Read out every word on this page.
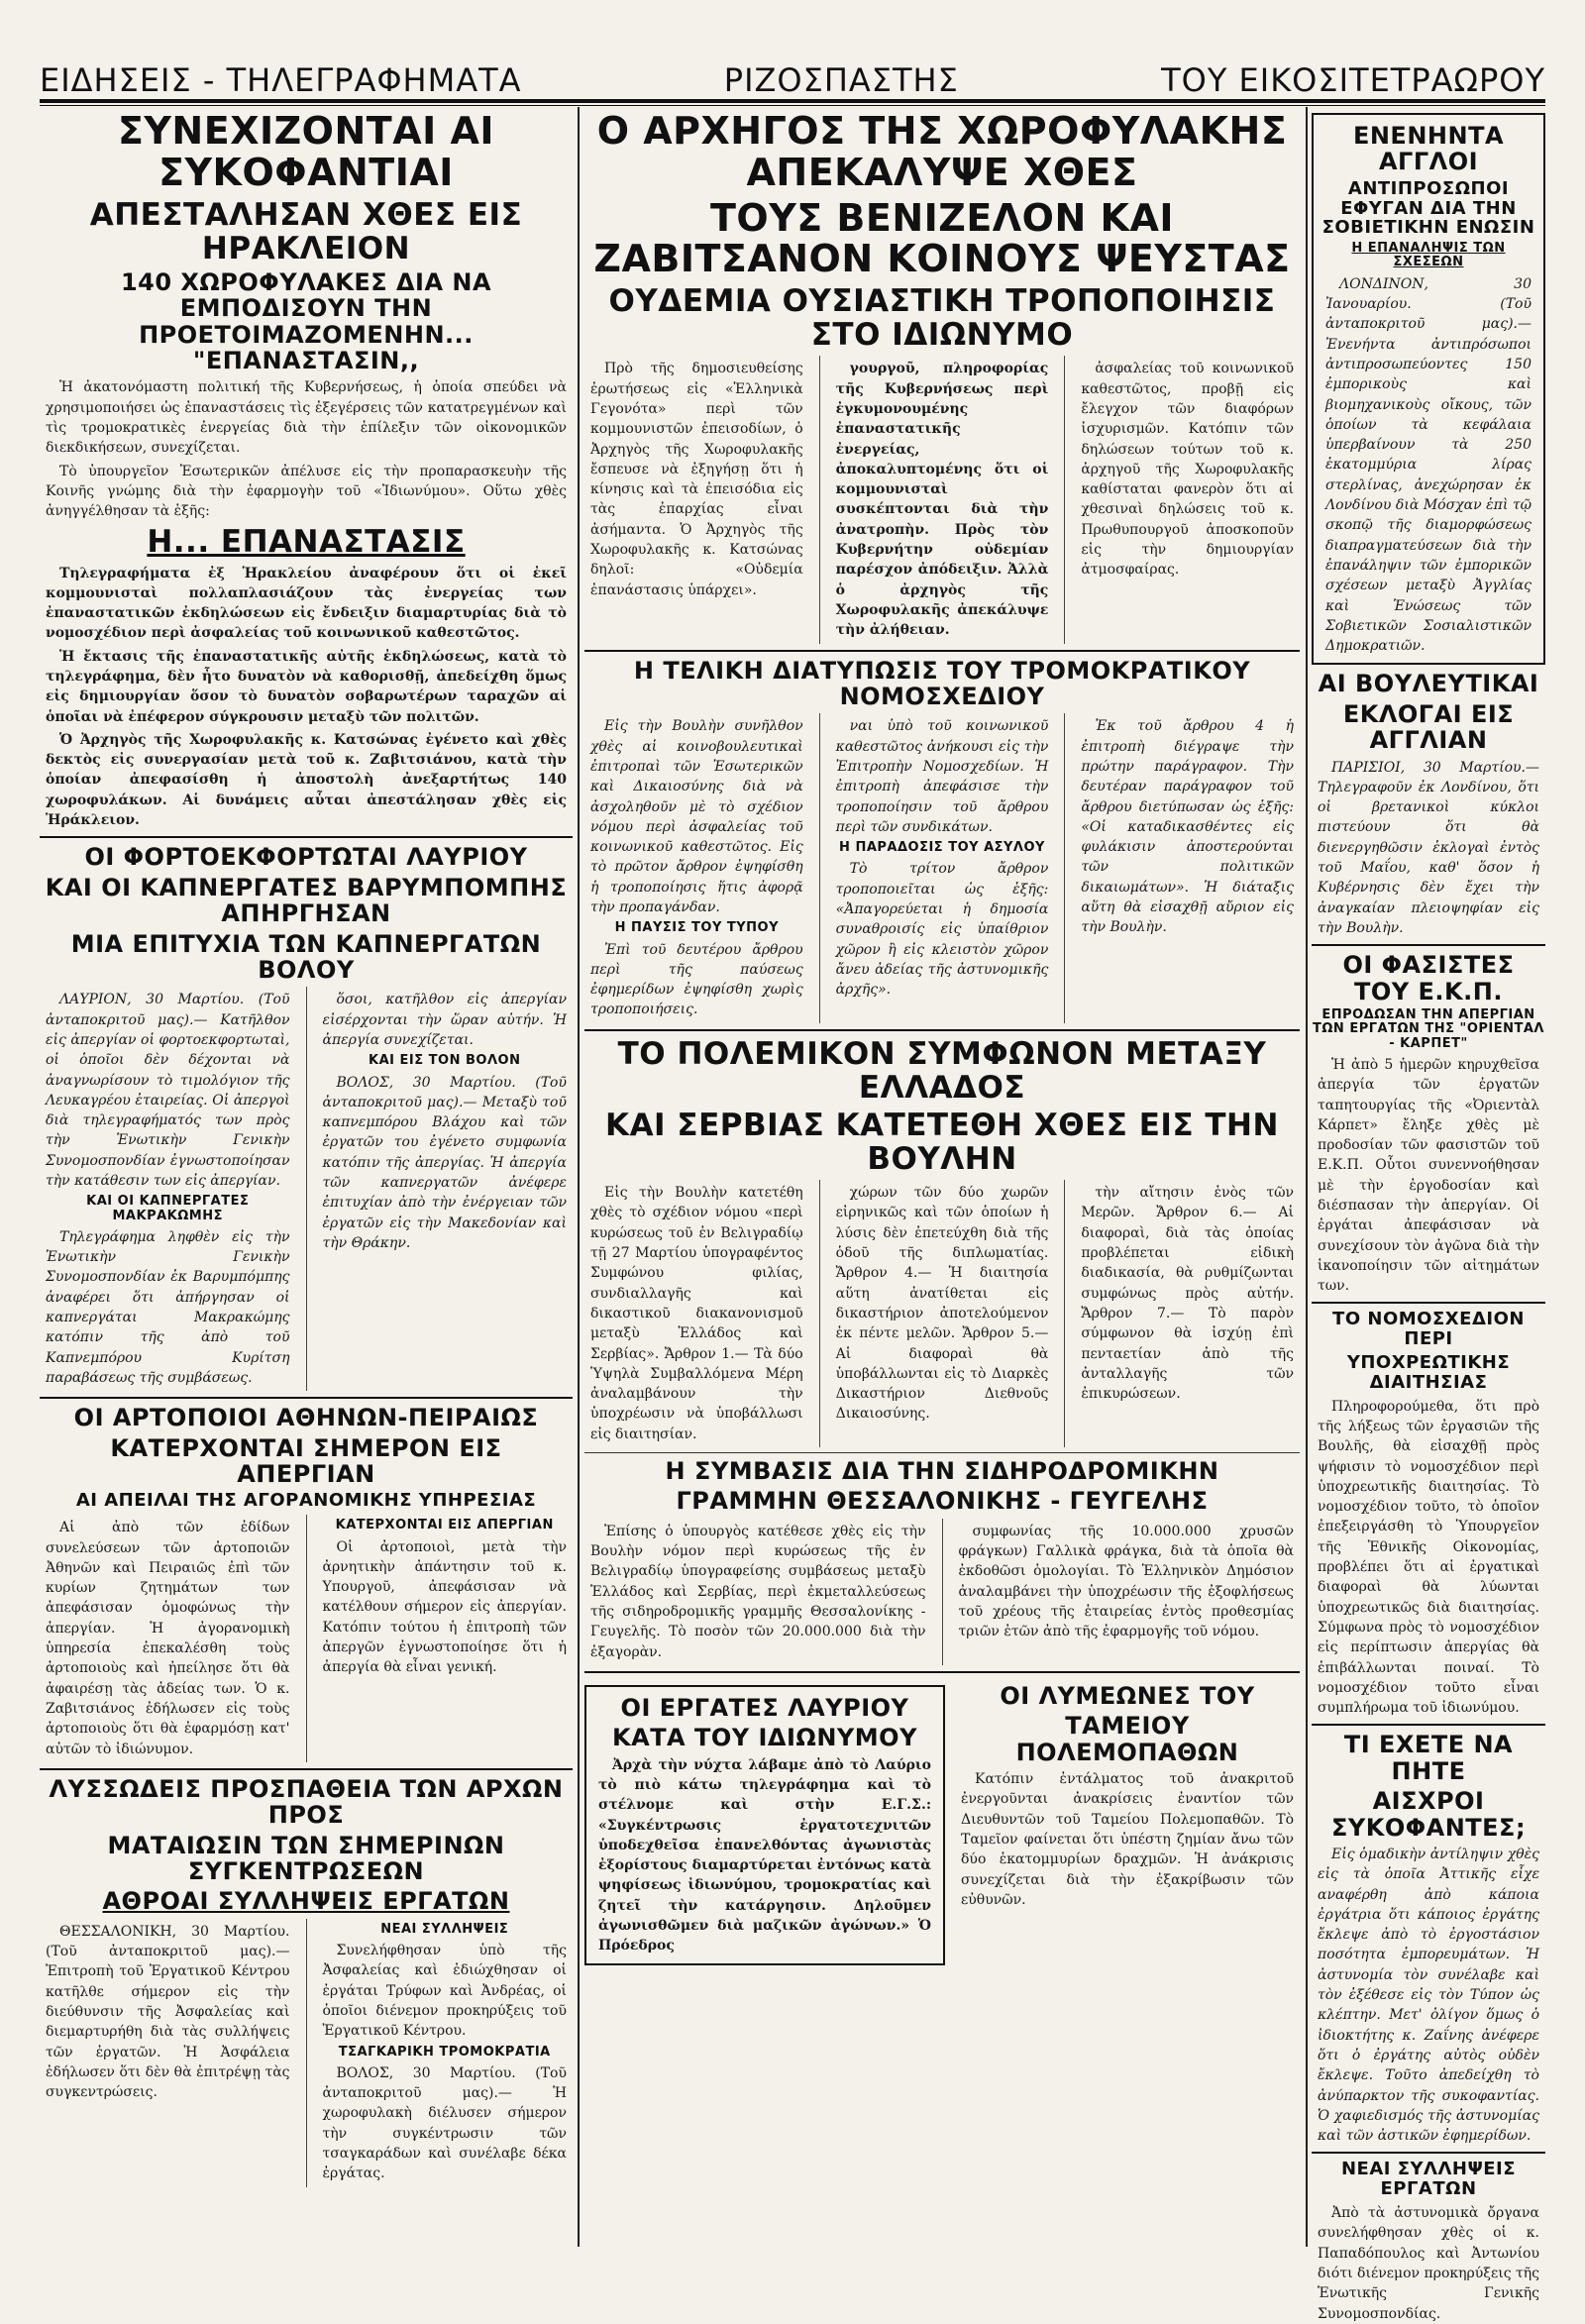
ΕΙΔΗΣΕΙΣ - ΤΗΛΕΓΡΑΦΗΜΑΤΑ	ΡΙΖΟΣΠΑΣΤΗΣ	ΤΟΥ ΕΙΚΟΣΙΤΕΤΡΑΩΡΟΥ
ΣΥΝΕΧΙΖΟΝΤΑΙ ΑΙ ΣΥΚΟΦΑΝΤΙΑΙ
ΑΠΕΣΤΑΛΗΣΑΝ ΧΘΕΣ ΕΙΣ ΗΡΑΚΛΕΙΟΝ
140 ΧΩΡΟΦΥΛΑΚΕΣ ΔΙΑ ΝΑ ΕΜΠΟΔΙΣΟΥΝ ΤΗΝ ΠΡΟΕΤΟΙΜΑΖΟΜΕΝΗΝ... "ΕΠΑΝΑΣΤΑΣΙΝ,,

Ἡ ἀκατονόμαστη πολιτική τῆς Κυβερνήσεως, ἡ ὁποία σπεύδει νὰ χρησιμοποιήσει ὡς ἐπαναστάσεις τὶς ἐξεγέρσεις τῶν κατατρεγμένων καὶ τὶς τρομοκρατικὲς ἐνεργείας διὰ τὴν ἐπίλεξιν τῶν οἰκονομικῶν διεκδικήσεων, συνεχίζεται.

Τὸ ὑπουργεῖον Ἐσωτερικῶν ἀπέλυσε εἰς τὴν προπαρασκευὴν τῆς Κοινῆς γνώμης διὰ τὴν ἐφαρμογὴν τοῦ «Ἰδιωνύμου». Οὕτω χθὲς ἀνηγγέλθησαν τὰ ἑξῆς:

Η... ΕΠΑΝΑΣΤΑΣΙΣ

Τηλεγραφήματα ἐξ Ἡρακλείου ἀναφέρουν ὅτι οἱ ἐκεῖ κομμουνισταὶ πολλαπλασιάζουν τὰς ἐνεργείας των ἐπαναστατικῶν ἐκδηλώσεων εἰς ἔνδειξιν διαμαρτυρίας διὰ τὸ νομοσχέδιον περὶ ἀσφαλείας τοῦ κοινωνικοῦ καθεστῶτος.

Ἡ ἔκτασις τῆς ἐπαναστατικῆς αὐτῆς ἐκδηλώσεως, κατὰ τὸ τηλεγράφημα, δὲν ἦτο δυνατὸν νὰ καθορισθῇ, ἀπεδείχθη ὅμως εἰς δημιουργίαν ὅσον τὸ δυνατὸν σοβαρωτέρων ταραχῶν αἱ ὁποῖαι νὰ ἐπέφερον σύγκρουσιν μεταξὺ τῶν πολιτῶν.

Ὁ Ἀρχηγὸς τῆς Χωροφυλακῆς κ. Κατσώνας ἐγένετο καὶ χθὲς δεκτὸς εἰς συνεργασίαν μετὰ τοῦ κ. Ζαβιτσιάνου, κατὰ τὴν ὁποίαν ἀπεφασίσθη ἡ ἀποστολὴ ἀνεξαρτήτως 140 χωροφυλάκων. Αἱ δυνάμεις αὗται ἀπεστάλησαν χθὲς εἰς Ἡράκλειον.

ΟΙ ΦΟΡΤΟΕΚΦΟΡΤΩΤΑΙ ΛΑΥΡΙΟΥ
ΚΑΙ ΟΙ ΚΑΠΝΕΡΓΑΤΕΣ ΒΑΡΥΜΠΟΜΠΗΣ ΑΠΗΡΓΗΣΑΝ
ΜΙΑ ΕΠΙΤΥΧΙΑ ΤΩΝ ΚΑΠΝΕΡΓΑΤΩΝ ΒΟΛΟΥ

ΛΑΥΡΙΟΝ, 30 Μαρτίου. (Τοῦ ἀνταποκριτοῦ μας).— Κατῆλθον εἰς ἀπεργίαν οἱ φορτοεκφορτωταὶ, οἱ ὁποῖοι δὲν δέχονται νὰ ἀναγνωρίσουν τὸ τιμολόγιον τῆς Λευκαγρέου ἐταιρείας. Οἱ ἀπεργοὶ διὰ τηλεγραφήματός των πρὸς τὴν Ἑνωτικὴν Γενικὴν Συνομοσπονδίαν ἐγνωστοποίησαν τὴν κατάθεσιν των εἰς ἀπεργίαν.

ΚΑΙ ΟΙ ΚΑΠΝΕΡΓΑΤΕΣ ΜΑΚΡΑΚΩΜΗΣ

Τηλεγράφημα ληφθὲν εἰς τὴν Ἑνωτικὴν Γενικὴν Συνομοσπονδίαν ἐκ Βαρυμπόμπης ἀναφέρει ὅτι ἀπήργησαν οἱ καπνεργάται Μακρακώμης κατόπιν τῆς ἀπὸ τοῦ Καπνεμπόρου Κυρίτση παραβάσεως τῆς συμβάσεως.

ὅσοι, κατῆλθον εἰς ἀπεργίαν εἰσέρχονται τὴν ὥραν αὐτήν. Ἡ ἀπεργία συνεχίζεται.

ΚΑΙ ΕΙΣ ΤΟΝ ΒΟΛΟΝ

ΒΟΛΟΣ, 30 Μαρτίου. (Τοῦ ἀνταποκριτοῦ μας).— Μεταξὺ τοῦ καπνεμπόρου Βλάχου καὶ τῶν ἐργατῶν του ἐγένετο συμφωνία κατόπιν τῆς ἀπεργίας. Ἡ ἀπεργία τῶν καπνεργατῶν ἀνέφερε ἐπιτυχίαν ἀπὸ τὴν ἐνέργειαν τῶν ἐργατῶν εἰς τὴν Μακεδονίαν καὶ τὴν Θράκην.

ΟΙ ΑΡΤΟΠΟΙΟΙ ΑΘΗΝΩΝ-ΠΕΙΡΑΙΩΣ
ΚΑΤΕΡΧΟΝΤΑΙ ΣΗΜΕΡΟΝ ΕΙΣ ΑΠΕΡΓΙΑΝ
ΑΙ ΑΠΕΙΛΑΙ ΤΗΣ ΑΓΟΡΑΝΟΜΙΚΗΣ ΥΠΗΡΕΣΙΑΣ

Αἱ ἀπὸ τῶν ἐδίδων συνελεύσεων τῶν ἀρτοποιῶν Ἀθηνῶν καὶ Πειραιῶς ἐπὶ τῶν κυρίων ζητημάτων των ἀπεφάσισαν ὁμοφώνως τὴν ἀπεργίαν. Ἡ ἀγορανομικὴ ὑπηρεσία ἐπεκαλέσθη τοὺς ἀρτοποιοὺς καὶ ἠπείλησε ὅτι θὰ ἀφαιρέσῃ τὰς ἀδείας των. Ὁ κ. Ζαβιτσιάνος ἐδήλωσεν εἰς τοὺς ἀρτοποιοὺς ὅτι θὰ ἐφαρμόσῃ κατ' αὐτῶν τὸ ἰδιώνυμον.

ΚΑΤΕΡΧΟΝΤΑΙ ΕΙΣ ΑΠΕΡΓΙΑΝ

Οἱ ἀρτοποιοὶ, μετὰ τὴν ἀρνητικὴν ἀπάντησιν τοῦ κ. Υπουργοῦ, ἀπεφάσισαν νὰ κατέλθουν σήμερον εἰς ἀπεργίαν. Κατόπιν τούτου ἡ ἐπιτροπὴ τῶν ἀπεργῶν ἐγνωστοποίησε ὅτι ἡ ἀπεργία θὰ εἶναι γενική.

ΛΥΣΣΩΔΕΙΣ ΠΡΟΣΠΑΘΕΙΑ ΤΩΝ ΑΡΧΩΝ ΠΡΟΣ
ΜΑΤΑΙΩΣΙΝ ΤΩΝ ΣΗΜΕΡΙΝΩΝ ΣΥΓΚΕΝΤΡΩΣΕΩΝ
ΑΘΡΟΑΙ ΣΥΛΛΗΨΕΙΣ ΕΡΓΑΤΩΝ

ΘΕΣΣΑΛΟΝΙΚΗ, 30 Μαρτίου. (Τοῦ ἀνταποκριτοῦ μας).— Ἐπιτροπὴ τοῦ Ἐργατικοῦ Κέντρου κατῆλθε σήμερον εἰς τὴν διεύθυνσιν τῆς Ἀσφαλείας καὶ διεμαρτυρήθη διὰ τὰς συλλήψεις τῶν ἐργατῶν. Ἡ Ἀσφάλεια ἐδήλωσεν ὅτι δὲν θὰ ἐπιτρέψῃ τὰς συγκεντρώσεις.

ΝΕΑΙ ΣΥΛΛΗΨΕΙΣ

Συνελήφθησαν ὑπὸ τῆς Ἀσφαλείας καὶ ἐδιώχθησαν οἱ ἐργάται Τρύφων καὶ Ἀνδρέας, οἱ ὁποῖοι διένεμον προκηρύξεις τοῦ Ἐργατικοῦ Κέντρου.

ΤΣΑΓΚΑΡΙΚΗ ΤΡΟΜΟΚΡΑΤΙΑ

ΒΟΛΟΣ, 30 Μαρτίου. (Τοῦ ἀνταποκριτοῦ μας).— Ἡ χωροφυλακὴ διέλυσεν σήμερον τὴν συγκέντρωσιν τῶν τσαγκαράδων καὶ συνέλαβε δέκα ἐργάτας.

Ο ΑΡΧΗΓΟΣ ΤΗΣ ΧΩΡΟΦΥΛΑΚΗΣ ΑΠΕΚΑΛΥΨΕ ΧΘΕΣ
ΤΟΥΣ ΒΕΝΙΖΕΛΟΝ ΚΑΙ ΖΑΒΙΤΣΑΝΟΝ ΚΟΙΝΟΥΣ ΨΕΥΣΤΑΣ
ΟΥΔΕΜΙΑ ΟΥΣΙΑΣΤΙΚΗ ΤΡΟΠΟΠΟΙΗΣΙΣ ΣΤΟ ΙΔΙΩΝΥΜΟ

Πρὸ τῆς δημοσιευθείσης ἐρωτήσεως εἰς «Ἑλληνικὰ Γεγονότα» περὶ τῶν κομμουνιστῶν ἐπεισοδίων, ὁ Ἀρχηγὸς τῆς Χωροφυλακῆς ἔσπευσε νὰ ἐξηγήσῃ ὅτι ἡ κίνησις καὶ τὰ ἐπεισόδια εἰς τὰς ἐπαρχίας εἶναι ἀσήμαντα. Ὁ Ἀρχηγὸς τῆς Χωροφυλακῆς κ. Κατσώνας δηλοῖ: «Οὐδεμία ἐπανάστασις ὑπάρχει».

γουργοῦ, πληροφορίας τῆς Κυβερνήσεως περὶ ἐγκυμονουμένης ἐπαναστατικῆς ἐνεργείας, ἀποκαλυπτομένης ὅτι οἱ κομμουνισταὶ συσκέπτονται διὰ τὴν ἀνατροπὴν. Πρὸς τὸν Κυβερνήτην οὐδεμίαν παρέσχον ἀπόδειξιν. Ἀλλὰ ὁ ἀρχηγὸς τῆς Χωροφυλακῆς ἀπεκάλυψε τὴν ἀλήθειαν.

ἀσφαλείας τοῦ κοινωνικοῦ καθεστῶτος, προβῇ εἰς ἔλεγχον τῶν διαφόρων ἰσχυρισμῶν. Κατόπιν τῶν δηλώσεων τούτων τοῦ κ. ἀρχηγοῦ τῆς Χωροφυλακῆς καθίσταται φανερὸν ὅτι αἱ χθεσιναὶ δηλώσεις τοῦ κ. Πρωθυπουργοῦ ἀποσκοποῦν εἰς τὴν δημιουργίαν ἀτμοσφαίρας.

Η ΤΕΛΙΚΗ ΔΙΑΤΥΠΩΣΙΣ ΤΟΥ ΤΡΟΜΟΚΡΑΤΙΚΟΥ ΝΟΜΟΣΧΕΔΙΟΥ

Εἰς τὴν Βουλὴν συνῆλθον χθὲς αἱ κοινοβουλευτικαὶ ἐπιτροπαὶ τῶν Ἐσωτερικῶν καὶ Δικαιοσύνης διὰ νὰ ἀσχοληθοῦν μὲ τὸ σχέδιον νόμου περὶ ἀσφαλείας τοῦ κοινωνικοῦ καθεστῶτος. Εἰς τὸ πρῶτον ἄρθρον ἐψηφίσθη ἡ τροποποίησις ἥτις ἀφορᾷ τὴν προπαγάνδαν.

Η ΠΑΥΣΙΣ ΤΟΥ ΤΥΠΟΥ

Ἐπὶ τοῦ δευτέρου ἄρθρου περὶ τῆς παύσεως ἐφημερίδων ἐψηφίσθη χωρὶς τροποποιήσεις.

ναι ὑπὸ τοῦ κοινωνικοῦ καθεστῶτος ἀνήκουσι εἰς τὴν Ἐπιτροπὴν Νομοσχεδίων. Ἡ ἐπιτροπὴ ἀπεφάσισε τὴν τροποποίησιν τοῦ ἄρθρου περὶ τῶν συνδικάτων.

Η ΠΑΡΑΔΟΣΙΣ ΤΟΥ ΑΣΥΛΟΥ

Τὸ τρίτον ἄρθρον τροποποιεῖται ὡς ἑξῆς: «Ἀπαγορεύεται ἡ δημοσία συναθροισίς εἰς ὑπαίθριον χῶρον ἢ εἰς κλειστὸν χῶρον ἄνευ ἀδείας τῆς ἀστυνομικῆς ἀρχῆς».

Ἐκ τοῦ ἄρθρου 4 ἡ ἐπιτροπὴ διέγραψε τὴν πρώτην παράγραφον. Τὴν δευτέραν παράγραφον τοῦ ἄρθρου διετύπωσαν ὡς ἑξῆς: «Οἱ καταδικασθέντες εἰς φυλάκισιν ἀποστερούνται τῶν πολιτικῶν δικαιωμάτων». Ἡ διάταξις αὕτη θὰ εἰσαχθῇ αὔριον εἰς τὴν Βουλὴν.

ΤΟ ΠΟΛΕΜΙΚΟΝ ΣΥΜΦΩΝΟΝ ΜΕΤΑΞΥ ΕΛΛΑΔΟΣ
ΚΑΙ ΣΕΡΒΙΑΣ ΚΑΤΕΤΕΘΗ ΧΘΕΣ ΕΙΣ ΤΗΝ ΒΟΥΛΗΝ

Εἰς τὴν Βουλὴν κατετέθη χθὲς τὸ σχέδιον νόμου «περὶ κυρώσεως τοῦ ἐν Βελιγραδίῳ τῇ 27 Μαρτίου ὑπογραφέντος Συμφώνου φιλίας, συνδιαλλαγῆς καὶ δικαστικοῦ διακανονισμοῦ μεταξὺ Ἑλλάδος καὶ Σερβίας». Ἄρθρον 1.— Τὰ δύο Ὑψηλὰ Συμβαλλόμενα Μέρη ἀναλαμβάνουν τὴν ὑποχρέωσιν νὰ ὑποβάλλωσι εἰς διαιτησίαν.

χώρων τῶν δύο χωρῶν εἰρηνικῶς καὶ τῶν ὁποίων ἡ λύσις δὲν ἐπετεύχθη διὰ τῆς ὁδοῦ τῆς διπλωματίας. Ἄρθρον 4.— Ἡ διαιτησία αὕτη ἀνατίθεται εἰς δικαστήριον ἀποτελούμενον ἐκ πέντε μελῶν. Ἄρθρον 5.— Αἱ διαφοραὶ θὰ ὑποβάλλωνται εἰς τὸ Διαρκὲς Δικαστήριον Διεθνοῦς Δικαιοσύνης.

τὴν αἴτησιν ἑνὸς τῶν Μερῶν. Ἄρθρον 6.— Αἱ διαφοραὶ, διὰ τὰς ὁποίας προβλέπεται εἰδικὴ διαδικασία, θὰ ρυθμίζωνται συμφώνως πρὸς αὐτήν. Ἄρθρον 7.— Τὸ παρὸν σύμφωνον θὰ ἰσχύῃ ἐπὶ πενταετίαν ἀπὸ τῆς ἀνταλλαγῆς τῶν ἐπικυρώσεων.

Η ΣΥΜΒΑΣΙΣ ΔΙΑ ΤΗΝ ΣΙΔΗΡΟΔΡΟΜΙΚΗΝ
ΓΡΑΜΜΗΝ ΘΕΣΣΑΛΟΝΙΚΗΣ - ΓΕΥΓΕΛΗΣ

Ἐπίσης ὁ ὑπουργὸς κατέθεσε χθὲς εἰς τὴν Βουλὴν νόμον περὶ κυρώσεως τῆς ἐν Βελιγραδίῳ ὑπογραφείσης συμβάσεως μεταξὺ Ἑλλάδος καὶ Σερβίας, περὶ ἐκμεταλλεύσεως τῆς σιδηροδρομικῆς γραμμῆς Θεσσαλονίκης - Γευγελῆς. Τὸ ποσὸν τῶν 20.000.000 διὰ τὴν ἐξαγορὰν.

συμφωνίας τῆς 10.000.000 χρυσῶν φράγκων) Γαλλικὰ φράγκα, διὰ τὰ ὁποῖα θὰ ἐκδοθῶσι ὁμολογίαι. Τὸ Ἑλληνικὸν Δημόσιον ἀναλαμβάνει τὴν ὑποχρέωσιν τῆς ἐξοφλήσεως τοῦ χρέους τῆς ἑταιρείας ἐντὸς προθεσμίας τριῶν ἐτῶν ἀπὸ τῆς ἐφαρμογῆς τοῦ νόμου.

ΟΙ ΕΡΓΑΤΕΣ ΛΑΥΡΙΟΥ
ΚΑΤΑ ΤΟΥ ΙΔΙΩΝΥΜΟΥ

Ἀρχὰ τὴν νύχτα λάβαμε ἀπὸ τὸ Λαύριο τὸ πιὸ κάτω τηλεγράφημα καὶ τὸ στέλνομε καὶ στὴν Ε.Γ.Σ.: «Συγκέντρωσις ἐργατοτεχνιτῶν ὑποδεχθεῖσα ἐπανελθόντας ἀγωνιστὰς ἐξορίστους διαμαρτύρεται ἐντόνως κατὰ ψηφίσεως ἰδιωνύμου, τρομοκρατίας καὶ ζητεῖ τὴν κατάργησιν. Δηλοῦμεν ἀγωνισθῶμεν διὰ μαζικῶν ἀγώνων.» Ὁ Πρόεδρος

ΟΙ ΛΥΜΕΩΝΕΣ ΤΟΥ
ΤΑΜΕΙΟΥ ΠΟΛΕΜΟΠΑΘΩΝ

Κατόπιν ἐντάλματος τοῦ ἀνακριτοῦ ἐνεργοῦνται ἀνακρίσεις ἐναντίον τῶν Διευθυντῶν τοῦ Ταμείου Πολεμοπαθῶν. Τὸ Ταμεῖον φαίνεται ὅτι ὑπέστη ζημίαν ἄνω τῶν δύο ἑκατομμυρίων δραχμῶν. Ἡ ἀνάκρισις συνεχίζεται διὰ τὴν ἐξακρίβωσιν τῶν εὐθυνῶν.

ΕΝΕΝΗΝΤΑ ΑΓΓΛΟΙ
ΑΝΤΙΠΡΟΣΩΠΟΙ ΕΦΥΓΑΝ ΔΙΑ ΤΗΝ ΣΟΒΙΕΤΙΚΗΝ ΕΝΩΣΙΝ
Η ΕΠΑΝΑΛΗΨΙΣ ΤΩΝ ΣΧΕΣΕΩΝ

ΛΟΝΔΙΝΟΝ, 30 Ἰανουαρίου. (Τοῦ ἀνταποκριτοῦ μας).— Ἐνενήντα ἀντιπρόσωποι ἀντιπροσωπεύοντες 150 ἐμπορικοὺς καὶ βιομηχανικοὺς οἴκους, τῶν ὁποίων τὰ κεφάλαια ὑπερβαίνουν τὰ 250 ἑκατομμύρια λίρας στερλίνας, ἀνεχώρησαν ἐκ Λονδίνου διὰ Μόσχαν ἐπὶ τῷ σκοπῷ τῆς διαμορφώσεως διαπραγματεύσεων διὰ τὴν ἐπανάληψιν τῶν ἐμπορικῶν σχέσεων μεταξὺ Ἀγγλίας καὶ Ἑνώσεως τῶν Σοβιετικῶν Σοσιαλιστικῶν Δημοκρατιῶν.

ΑΙ ΒΟΥΛΕΥΤΙΚΑΙ
ΕΚΛΟΓΑΙ ΕΙΣ ΑΓΓΛΙΑΝ

ΠΑΡΙΣΙΟΙ, 30 Μαρτίου.— Τηλεγραφοῦν ἐκ Λονδίνου, ὅτι οἱ βρετανικοὶ κύκλοι πιστεύουν ὅτι θὰ διενεργηθῶσιν ἐκλογαὶ ἐντὸς τοῦ Μαΐου, καθ' ὅσον ἡ Κυβέρνησις δὲν ἔχει τὴν ἀναγκαίαν πλειοψηφίαν εἰς τὴν Βουλὴν.

ΟΙ ΦΑΣΙΣΤΕΣ ΤΟΥ Ε.Κ.Π.
ΕΠΡΟΔΩΣΑΝ ΤΗΝ ΑΠΕΡΓΙΑΝ ΤΩΝ ΕΡΓΑΤΩΝ ΤΗΣ "ΟΡΙΕΝΤΑΛ - ΚΑΡΠΕΤ"

Ἡ ἀπὸ 5 ἡμερῶν κηρυχθεῖσα ἀπεργία τῶν ἐργατῶν ταπητουργίας τῆς «Ὀριεντὰλ Κάρπετ» ἔληξε χθὲς μὲ προδοσίαν τῶν φασιστῶν τοῦ Ε.Κ.Π. Οὗτοι συνεννοήθησαν μὲ τὴν ἐργοδοσίαν καὶ διέσπασαν τὴν ἀπεργίαν. Οἱ ἐργάται ἀπεφάσισαν νὰ συνεχίσουν τὸν ἀγῶνα διὰ τὴν ἱκανοποίησιν τῶν αἰτημάτων των.

ΤΟ ΝΟΜΟΣΧΕΔΙΟΝ ΠΕΡΙ
ΥΠΟΧΡΕΩΤΙΚΗΣ ΔΙΑΙΤΗΣΙΑΣ

Πληροφορούμεθα, ὅτι πρὸ τῆς λήξεως τῶν ἐργασιῶν τῆς Βουλῆς, θὰ εἰσαχθῇ πρὸς ψήφισιν τὸ νομοσχέδιον περὶ ὑποχρεωτικῆς διαιτησίας. Τὸ νομοσχέδιον τοῦτο, τὸ ὁποῖον ἐπεξειργάσθη τὸ Ὑπουργεῖον τῆς Ἐθνικῆς Οἰκονομίας, προβλέπει ὅτι αἱ ἐργατικαὶ διαφοραὶ θὰ λύωνται ὑποχρεωτικῶς διὰ διαιτησίας. Σύμφωνα πρὸς τὸ νομοσχέδιον εἰς περίπτωσιν ἀπεργίας θὰ ἐπιβάλλωνται ποιναί. Τὸ νομοσχέδιον τοῦτο εἶναι συμπλήρωμα τοῦ ἰδιωνύμου.

ΤΙ ΕΧΕΤΕ ΝΑ ΠΗΤΕ
ΑΙΣΧΡΟΙ ΣΥΚΟΦΑΝΤΕΣ;

Εἰς ὁμαδικὴν ἀντίληψιν χθὲς εἰς τὰ ὁποῖα Ἀττικῆς εἶχε αναφέρθη ἀπὸ κάποια ἐργάτρια ὅτι κάποιος ἐργάτης ἔκλεψε ἀπὸ τὸ ἐργοστάσιον ποσότητα ἐμπορευμάτων. Ἡ ἀστυνομία τὸν συνέλαβε καὶ τὸν ἐξέθεσε εἰς τὸν Τύπον ὡς κλέπτην. Μετ' ὀλίγον ὅμως ὁ ἰδιοκτήτης κ. Ζαΐνης ἀνέφερε ὅτι ὁ ἐργάτης αὐτὸς οὐδὲν ἔκλεψε. Τοῦτο ἀπεδείχθη τὸ ἀνύπαρκτον τῆς συκοφαντίας. Ὁ χαφιεδισμός τῆς ἀστυνομίας καὶ τῶν ἀστικῶν ἐφημερίδων.

ΝΕΑΙ ΣΥΛΛΗΨΕΙΣ ΕΡΓΑΤΩΝ

Ἀπὸ τὰ ἀστυνομικὰ ὄργανα συνελήφθησαν χθὲς οἱ κ. Παπαδόπουλος καὶ Ἀντωνίου διότι διένεμον προκηρύξεις τῆς Ἑνωτικῆς Γενικῆς Συνομοσπονδίας.
